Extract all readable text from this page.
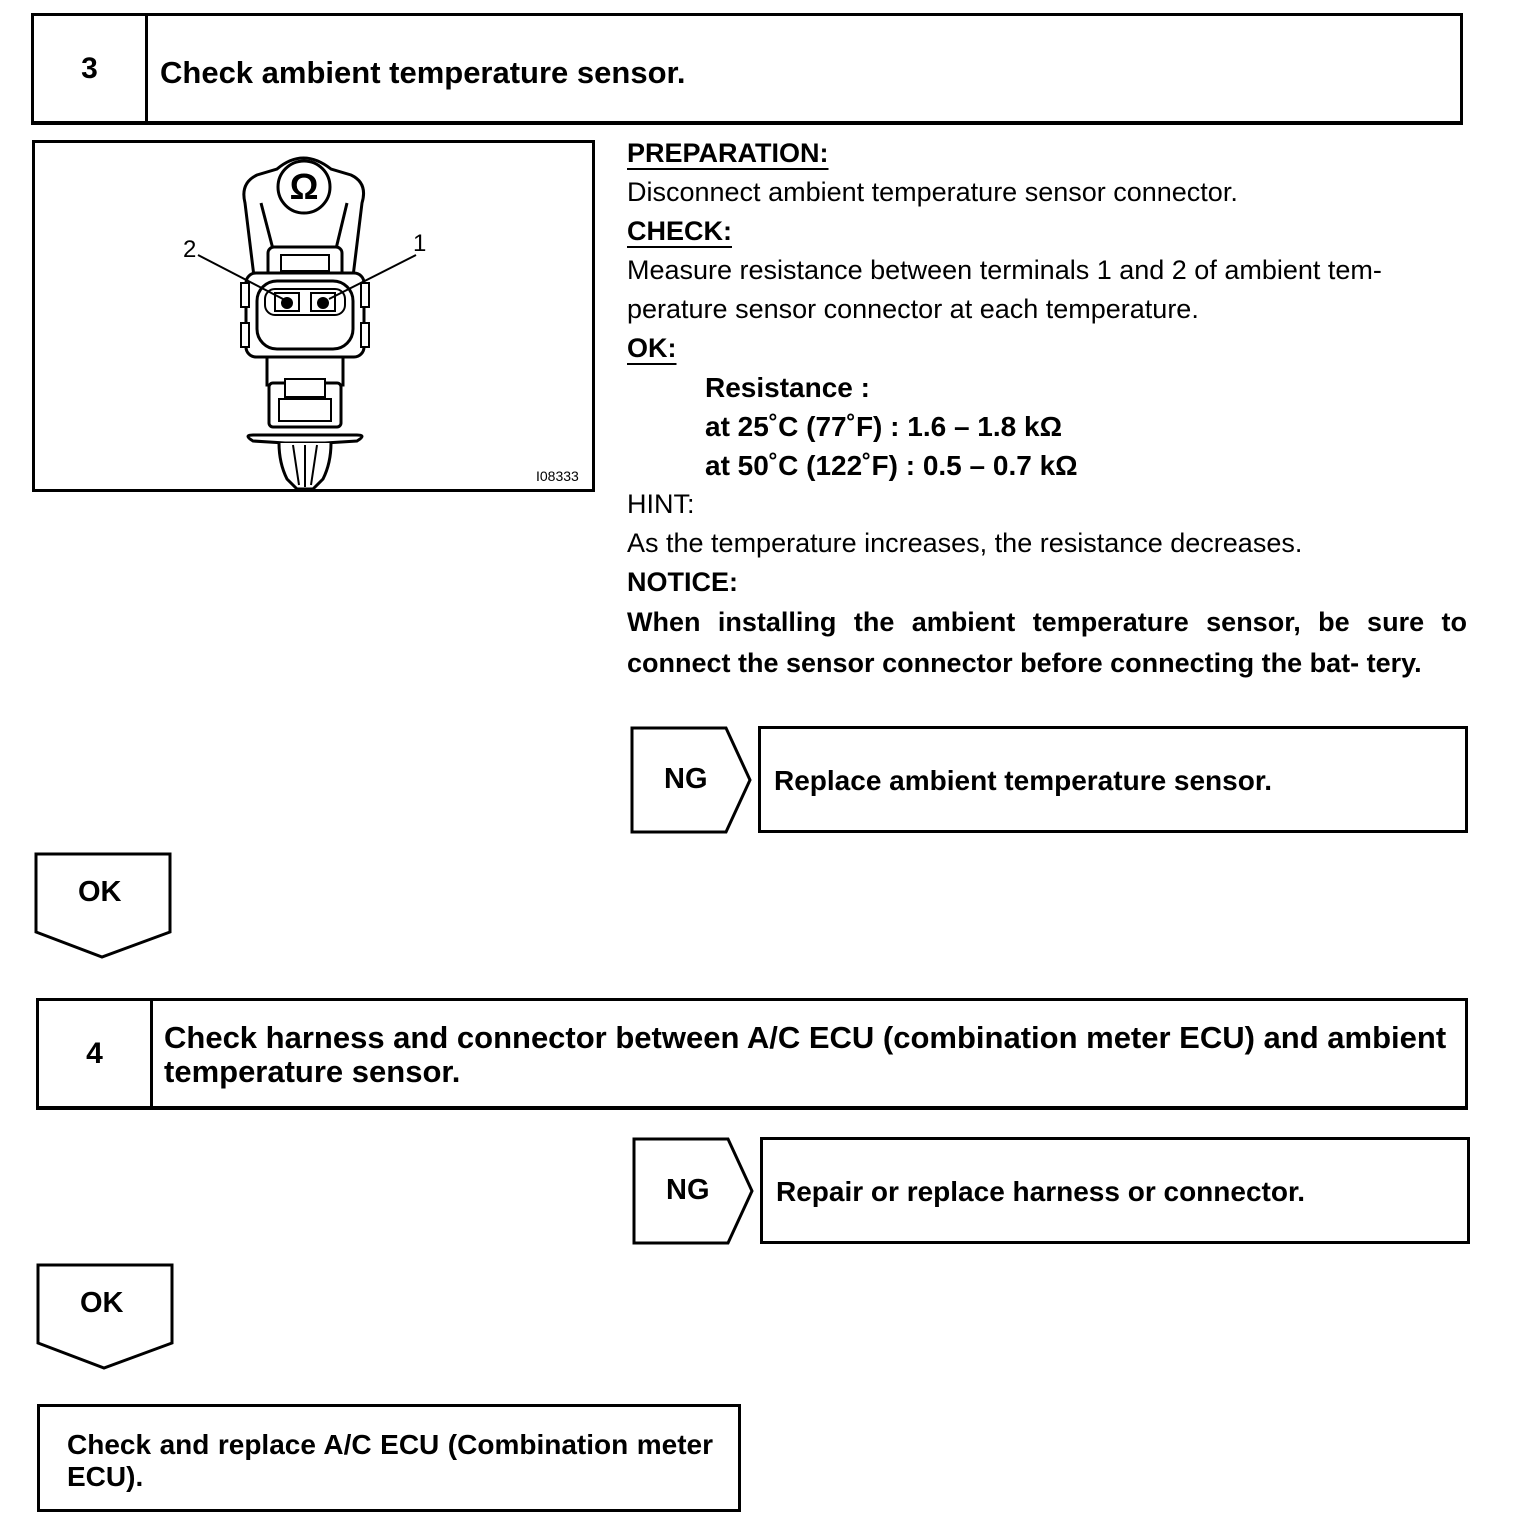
3 Check ambient temperature sensor.
Ω
2	1
I08333
PREPARATION:
Disconnect ambient temperature sensor connector.
CHECK:
Measure resistance between terminals 1 and 2 of ambient tem-
perature sensor connector at each temperature.
OK:
Resistance :
at 25˚C (77˚F) : 1.6 – 1.8 kΩ
at 50˚C (122˚F) : 0.5 – 0.7 kΩ
HINT:
As the temperature increases, the resistance decreases.
NOTICE:
When installing the ambient temperature sensor, be sure to connect the sensor connector before connecting the bat- tery.
NG Replace ambient temperature sensor.
OK
4 Check harness and connector between A/C ECU (combination meter ECU) and ambient temperature sensor.
NG Repair or replace harness or connector.
OK
Check and replace A/C ECU (Combination meter ECU).
